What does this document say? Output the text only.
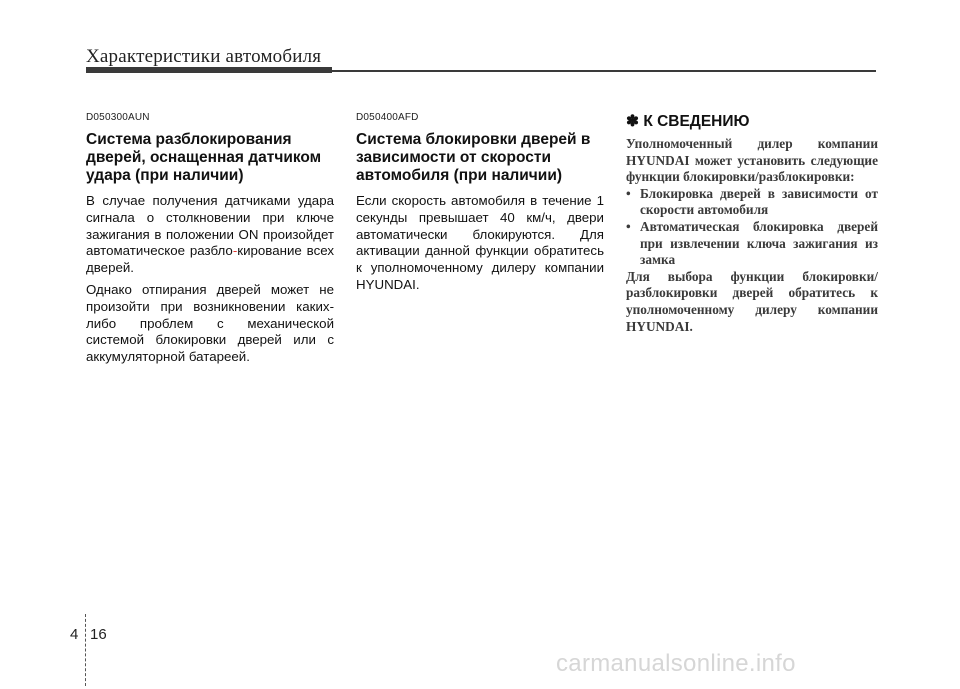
Характеристики автомобиля
D050300AUN
Система разблокирования дверей, оснащенная датчиком удара (при наличии)

В случае получения датчиками удара сигнала о столкновении при ключе зажигания в положении ON произойдет автоматическое разбло-кирование всех дверей.

Однако отпирания дверей может не произойти при возникновении каких-либо проблем с механической системой блокировки дверей или с аккумуляторной батареей.

D050400AFD
Система блокировки дверей в зависимости от скорости автомобиля (при наличии)

Если скорость автомобиля в течение 1 секунды превышает 40 км/ч, двери автоматически блокируются. Для активации данной функции обратитесь к уполномоченному дилеру компании HYUNDAI.

✽ К СВЕДЕНИЮ

Уполномоченный дилер компании HYUNDAI может установить следующие функции блокировки/разблокировки:

• Блокировка дверей в зависимости от скорости автомобиля
• Автоматическая блокировка дверей при извлечении ключа зажигания из замка

Для выбора функции блокировки/разблокировки дверей обратитесь к уполномоченному дилеру компании HYUNDAI.

4 16
carmanualsonline.info
